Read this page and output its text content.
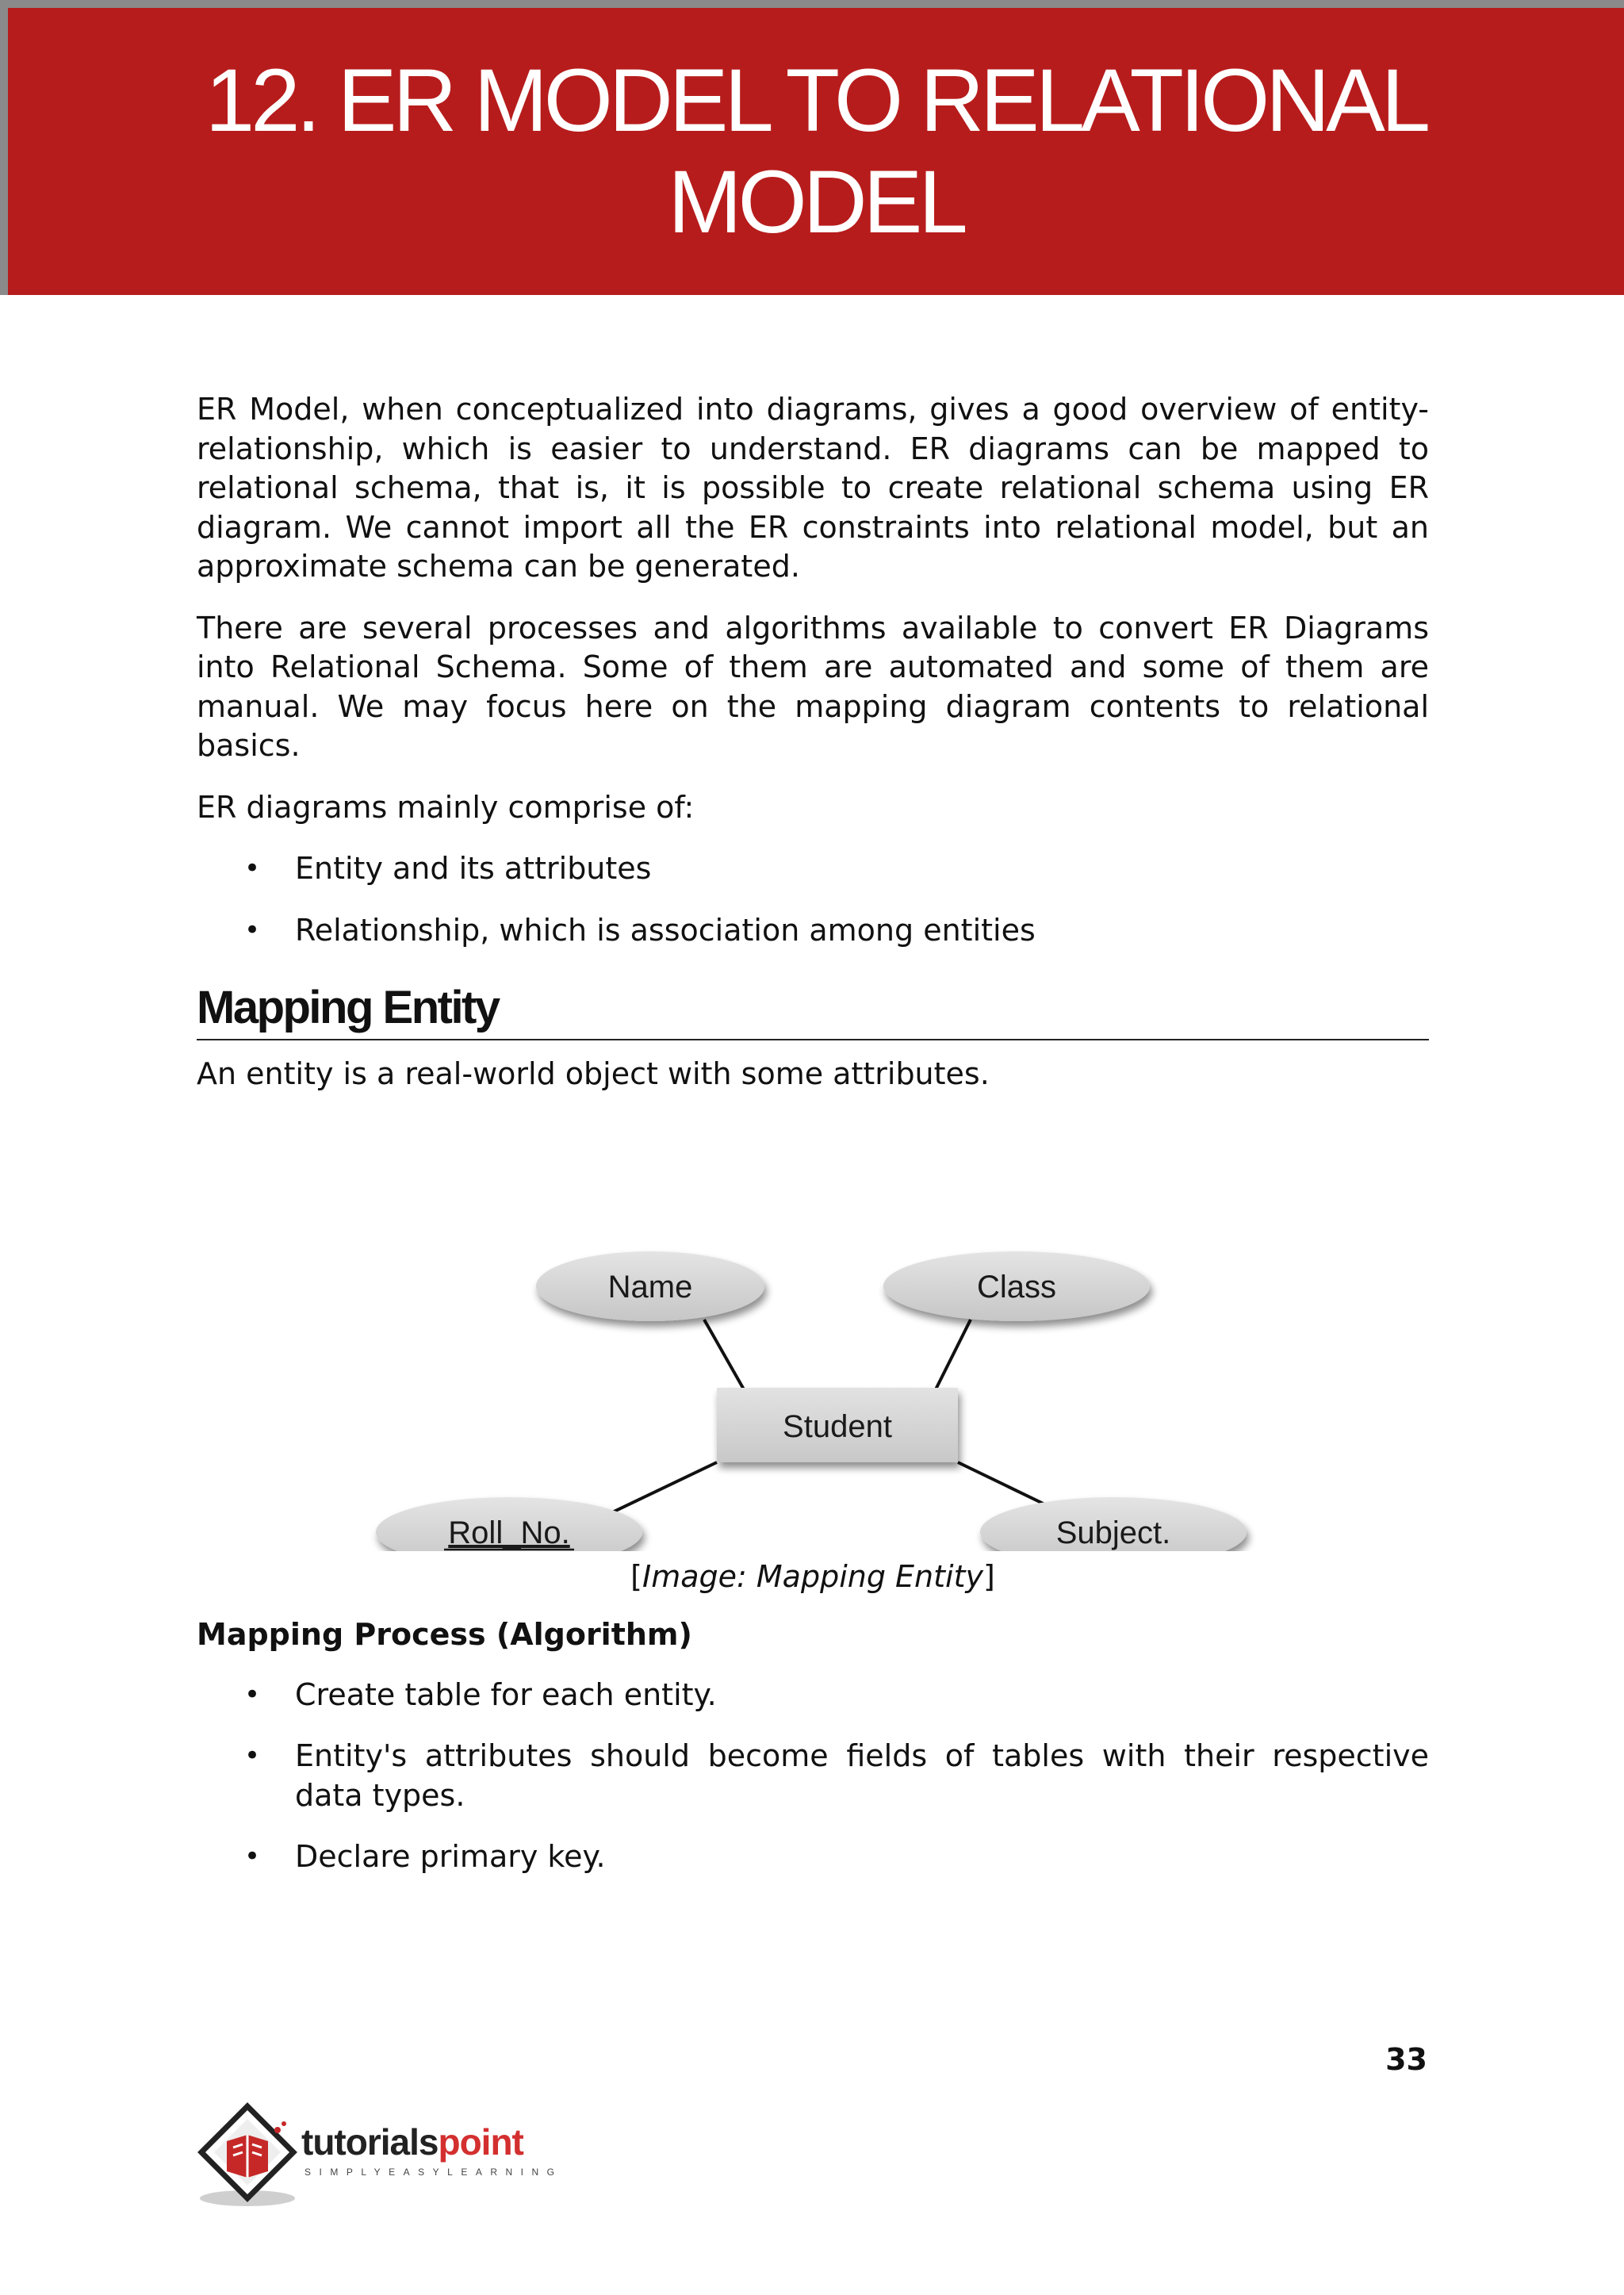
12. ER MODEL TO RELATIONAL
MODEL

ER Model, when conceptualized into diagrams, gives a good overview of entity-relationship, which is easier to understand. ER diagrams can be mapped to relational schema, that is, it is possible to create relational schema using ER diagram. We cannot import all the ER constraints into relational model, but an approximate schema can be generated.

There are several processes and algorithms available to convert ER Diagrams into Relational Schema. Some of them are automated and some of them are manual. We may focus here on the mapping diagram contents to relational basics.

ER diagrams mainly comprise of:

• Entity and its attributes
• Relationship, which is association among entities
Mapping Entity

An entity is a real-world object with some attributes.

Name	Class
Roll_No.	Subject.
Student

[Image: Mapping Entity]

Mapping Process (Algorithm)

• Create table for each entity.
• Entity's attributes should become fields of tables with their respective data types.
• Declare primary key.
33
tutorialspoint
SIMPLYEASYLEARNING
